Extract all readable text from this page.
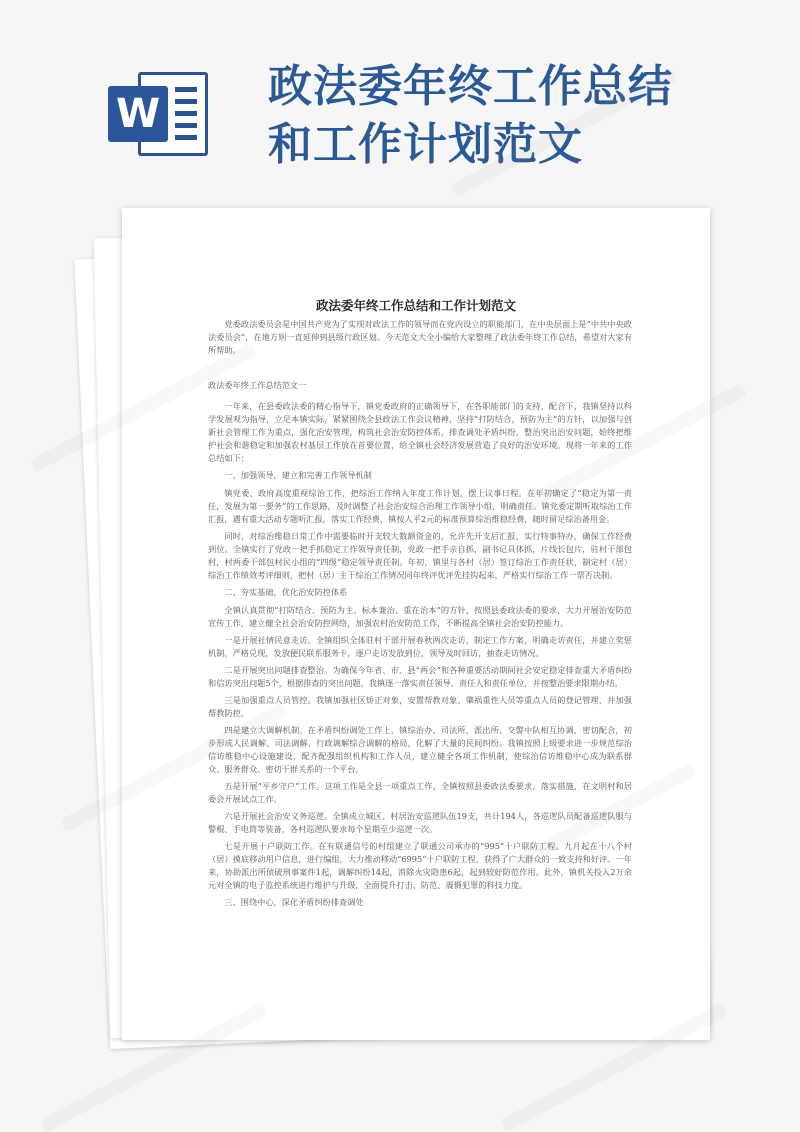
W
政法委年终工作总结和工作计划范文
政法委年终工作总结和工作计划范文

党委政法委员会是中国共产党为了实现对政法工作的领导而在党内设立的职能部门，在中央层面上是“中共中央政法委员会”，在地方则一直延伸到县级行政区划。今天范文大全小编给大家整理了政法委年终工作总结，希望对大家有所帮助。

政法委年终工作总结范文一

一年来，在县委政法委的精心指导下，镇党委政府的正确领导下，在各职能部门的支持、配合下，我镇坚持以科学发展观为指导，立足本镇实际，紧紧围绕全县政法工作会议精神，坚持“打防结合，预防为主”的方针，以加强与创新社会管理工作为重点，强化治安管理，构筑社会治安防控体系，排查调处矛盾纠纷，整治突出治安问题，始终把维护社会和谐稳定和加强农村基层工作放在首要位置，给全镇社会经济发展营造了良好的治安环境。现将一年来的工作总结如下：

一、加强领导，建立和完善工作领导机制

镇党委、政府高度重视综治工作，把综治工作纳入年度工作计划，摆上议事日程。在年初确定了“稳定为第一责任，发展为第一要务”的工作思路，及时调整了社会治安综合治理工作领导小组，明确责任。镇党委定期听取综治工作汇报，遇有重大活动专题听汇报，落实工作经费，镇按人平2元的标准预算综治维稳经费，随时留足综治备用金。

同时，对综治维稳日常工作中需要临时开支较大数额资金的，允许先开支后汇报，实行特事特办，确保工作经费到位。全镇实行了党政一把手抓稳定工作领导责任制，党政一把手亲自抓，副书记具体抓，片线长包片，驻村干部包村，村两委干部包村民小组的“四级”稳定领导责任制。年初，镇里与各村（居）签订综治工作责任状，制定村（居）综治工作绩效考评细则，把村（居）主干综治工作情况同年终评优评先挂钩起来，严格实行综治工作一票否决制。

二、夯实基础，优化治安防控体系

全镇认真贯彻“打防结合、预防为主、标本兼治、重在治本”的方针，按照县委政法委的要求，大力开展治安防范宣传工作，建立健全社会治安防控网络，加强农村治安防范工作，不断提高全镇社会治安防控能力。

一是开展社情民意走访。全镇组织全体驻村干部开展春秋两次走访，制定工作方案，明确走访责任，并建立奖惩机制，严格兑现，发放便民联系服务卡，逐户走访发放到位，领导及时回访，抽查走访情况。

二是开展突出问题排查整治。为确保今年省、市、县“两会”和各种重要活动期间社会安定稳定排查重大矛盾纠纷和信访突出问题5个，根据排查的突出问题，我镇逐一落实责任领导、责任人和责任单位，并按整治要求限期办结。

三是加强重点人员管控。我镇加强社区矫正对象，安置帮教对象、肇祸重性人员等重点人员的登记管理，并加强帮教防控。

四是建立大调解机制。在矛盾纠纷调处工作上，镇综治办、司法所、派出所、交警中队相互协调、密切配合，初步形成人民调解、司法调解、行政调解综合调解的格局，化解了大量的民间纠纷。我镇按照上级要求进一步规范综治信访维稳中心设施建设，配齐配强组织机构和工作人员，建立健全各项工作机制，使综治信访维稳中心成为联系群众、服务群众、密切干群关系的一个平台。

五是开展“平乡守户”工作。这项工作是全县一项重点工作，全镇按照县委政法委要求，落实措施，在文明村和居委会开展试点工作。

六是开展社会治安义务巡逻。全镇成立城区、村居治安巡逻队伍19支，共计194人，各巡逻队员配备巡逻队服与警棍、手电筒等装备，各村巡逻队要求每个星期至少巡逻一次。

七是开展十户联防工作。在有联通信号的村组建立了联通公司承办的“995”十户联防工程。九月起在十八个村（居）摸底移动用户信息，进行编组，大力推动移动“6995”十户联防工程，获得了广大群众的一致支持和好评。一年来，协助派出所侦破刑事案件1起，调解纠纷14起，消除火灾隐患6起，起到较好防范作用。此外，镇机关投入2万余元对全镇的电子监控系统进行维护与升级，全面提升打击、防范、震慑犯罪的科技力度。

三、围绕中心，深化矛盾纠纷排查调处
